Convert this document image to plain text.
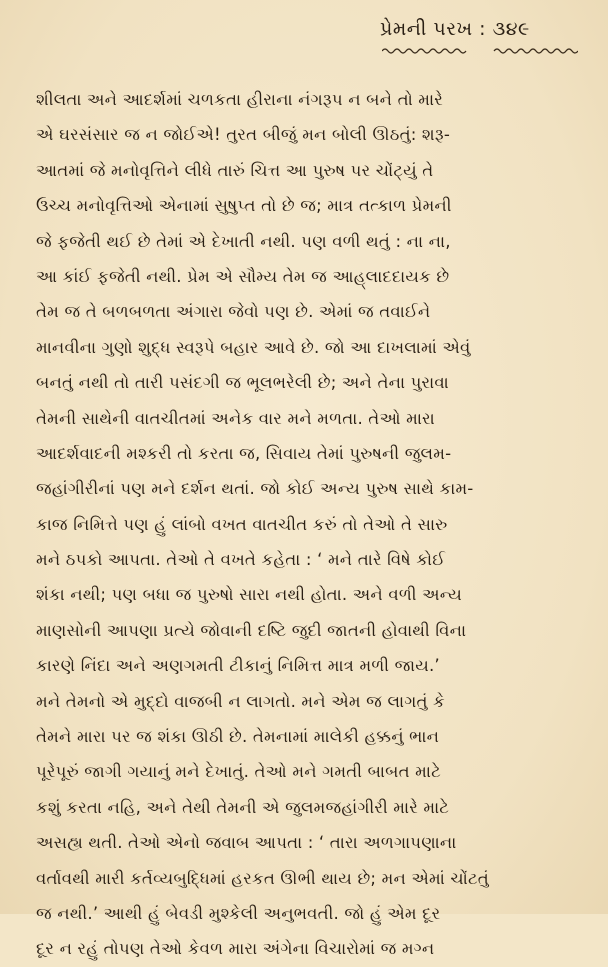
પ્રેમની પરખ : ૩૪૯
શીલતા અને આદર્શમાં ચળકતા હીરાના નંગરૂપ ન બને તો મારે
એ ઘરસંસાર જ ન જોઈએ! તુરત બીજું મન બોલી ઊઠતું: શરૂ-
આતમાં જે મનોવૃત્તિને લીધે તારું ચિત્ત આ પુરુષ પર ચોંટ્યું તે
ઉચ્ચ મનોવૃત્તિઓ એનામાં સુષુપ્ત તો છે જ; માત્ર તત્કાળ પ્રેમની
જે ફજેતી થઈ છે તેમાં એ દેખાતી નથી. પણ વળી થતું : ના ના,
આ કાંઈ ફજેતી નથી. પ્રેમ એ સૌમ્ય તેમ જ આહ્‌લાદદાયક છે
તેમ જ તે બળબળતા અંગારા જેવો પણ છે. એમાં જ તવાઈને
માનવીના ગુણો શુદ્ધ સ્વરૂપે બહાર આવે છે. જો આ દાખલામાં એવું
બનતું નથી તો તારી પસંદગી જ ભૂલભરેલી છે; અને તેના પુરાવા
તેમની સાથેની વાતચીતમાં અનેક વાર મને મળતા. તેઓ મારા
આદર્શવાદની મશ્કરી તો કરતા જ, સિવાય તેમાં પુરુષની જુલમ-
જહાંગીરીનાં પણ મને દર્શન થતાં. જો કોઈ અન્ય પુરુષ સાથે કામ-
કાજ નિમિત્તે પણ હું લાંબો વખત વાતચીત કરું તો તેઓ તે સારુ
મને ઠપકો આપતા. તેઓ તે વખતે કહેતા : ‘ મને તારે વિષે કોઈ
શંકા નથી; પણ બધા જ પુરુષો સારા નથી હોતા. અને વળી અન્ય
માણસોની આપણા પ્રત્યે જોવાની દષ્ટિ જુદી જાતની હોવાથી વિના
કારણે નિંદા અને અણગમતી ટીકાનું નિમિત્ત માત્ર મળી જાય.’
મને તેમનો એ મુદ્દો વાજબી ન લાગતો. મને એમ જ લાગતું કે
તેમને મારા પર જ શંકા ઊઠી છે. તેમનામાં માલેકી હક્કનું ભાન
પૂરેપૂરું જાગી ગયાનું મને દેખાતું. તેઓ મને ગમતી બાબત માટે
કશું કરતા નહિ, અને તેથી તેમની એ જુલમજહાંગીરી મારે માટે
અસહ્ય થતી. તેઓ એનો જવાબ આપતા : ‘ તારા અળગાપણાના
વર્તાવથી મારી કર્તવ્યબુદ્ધિમાં હરકત ઊભી થાય છે; મન એમાં ચોંટતું
જ નથી.’ આથી હું બેવડી મુશ્કેલી અનુભવતી. જો હું એમ દૂર
દૂર ન રહું તોપણ તેઓ કેવળ મારા અંગેના વિચારોમાં જ મગ્ન
